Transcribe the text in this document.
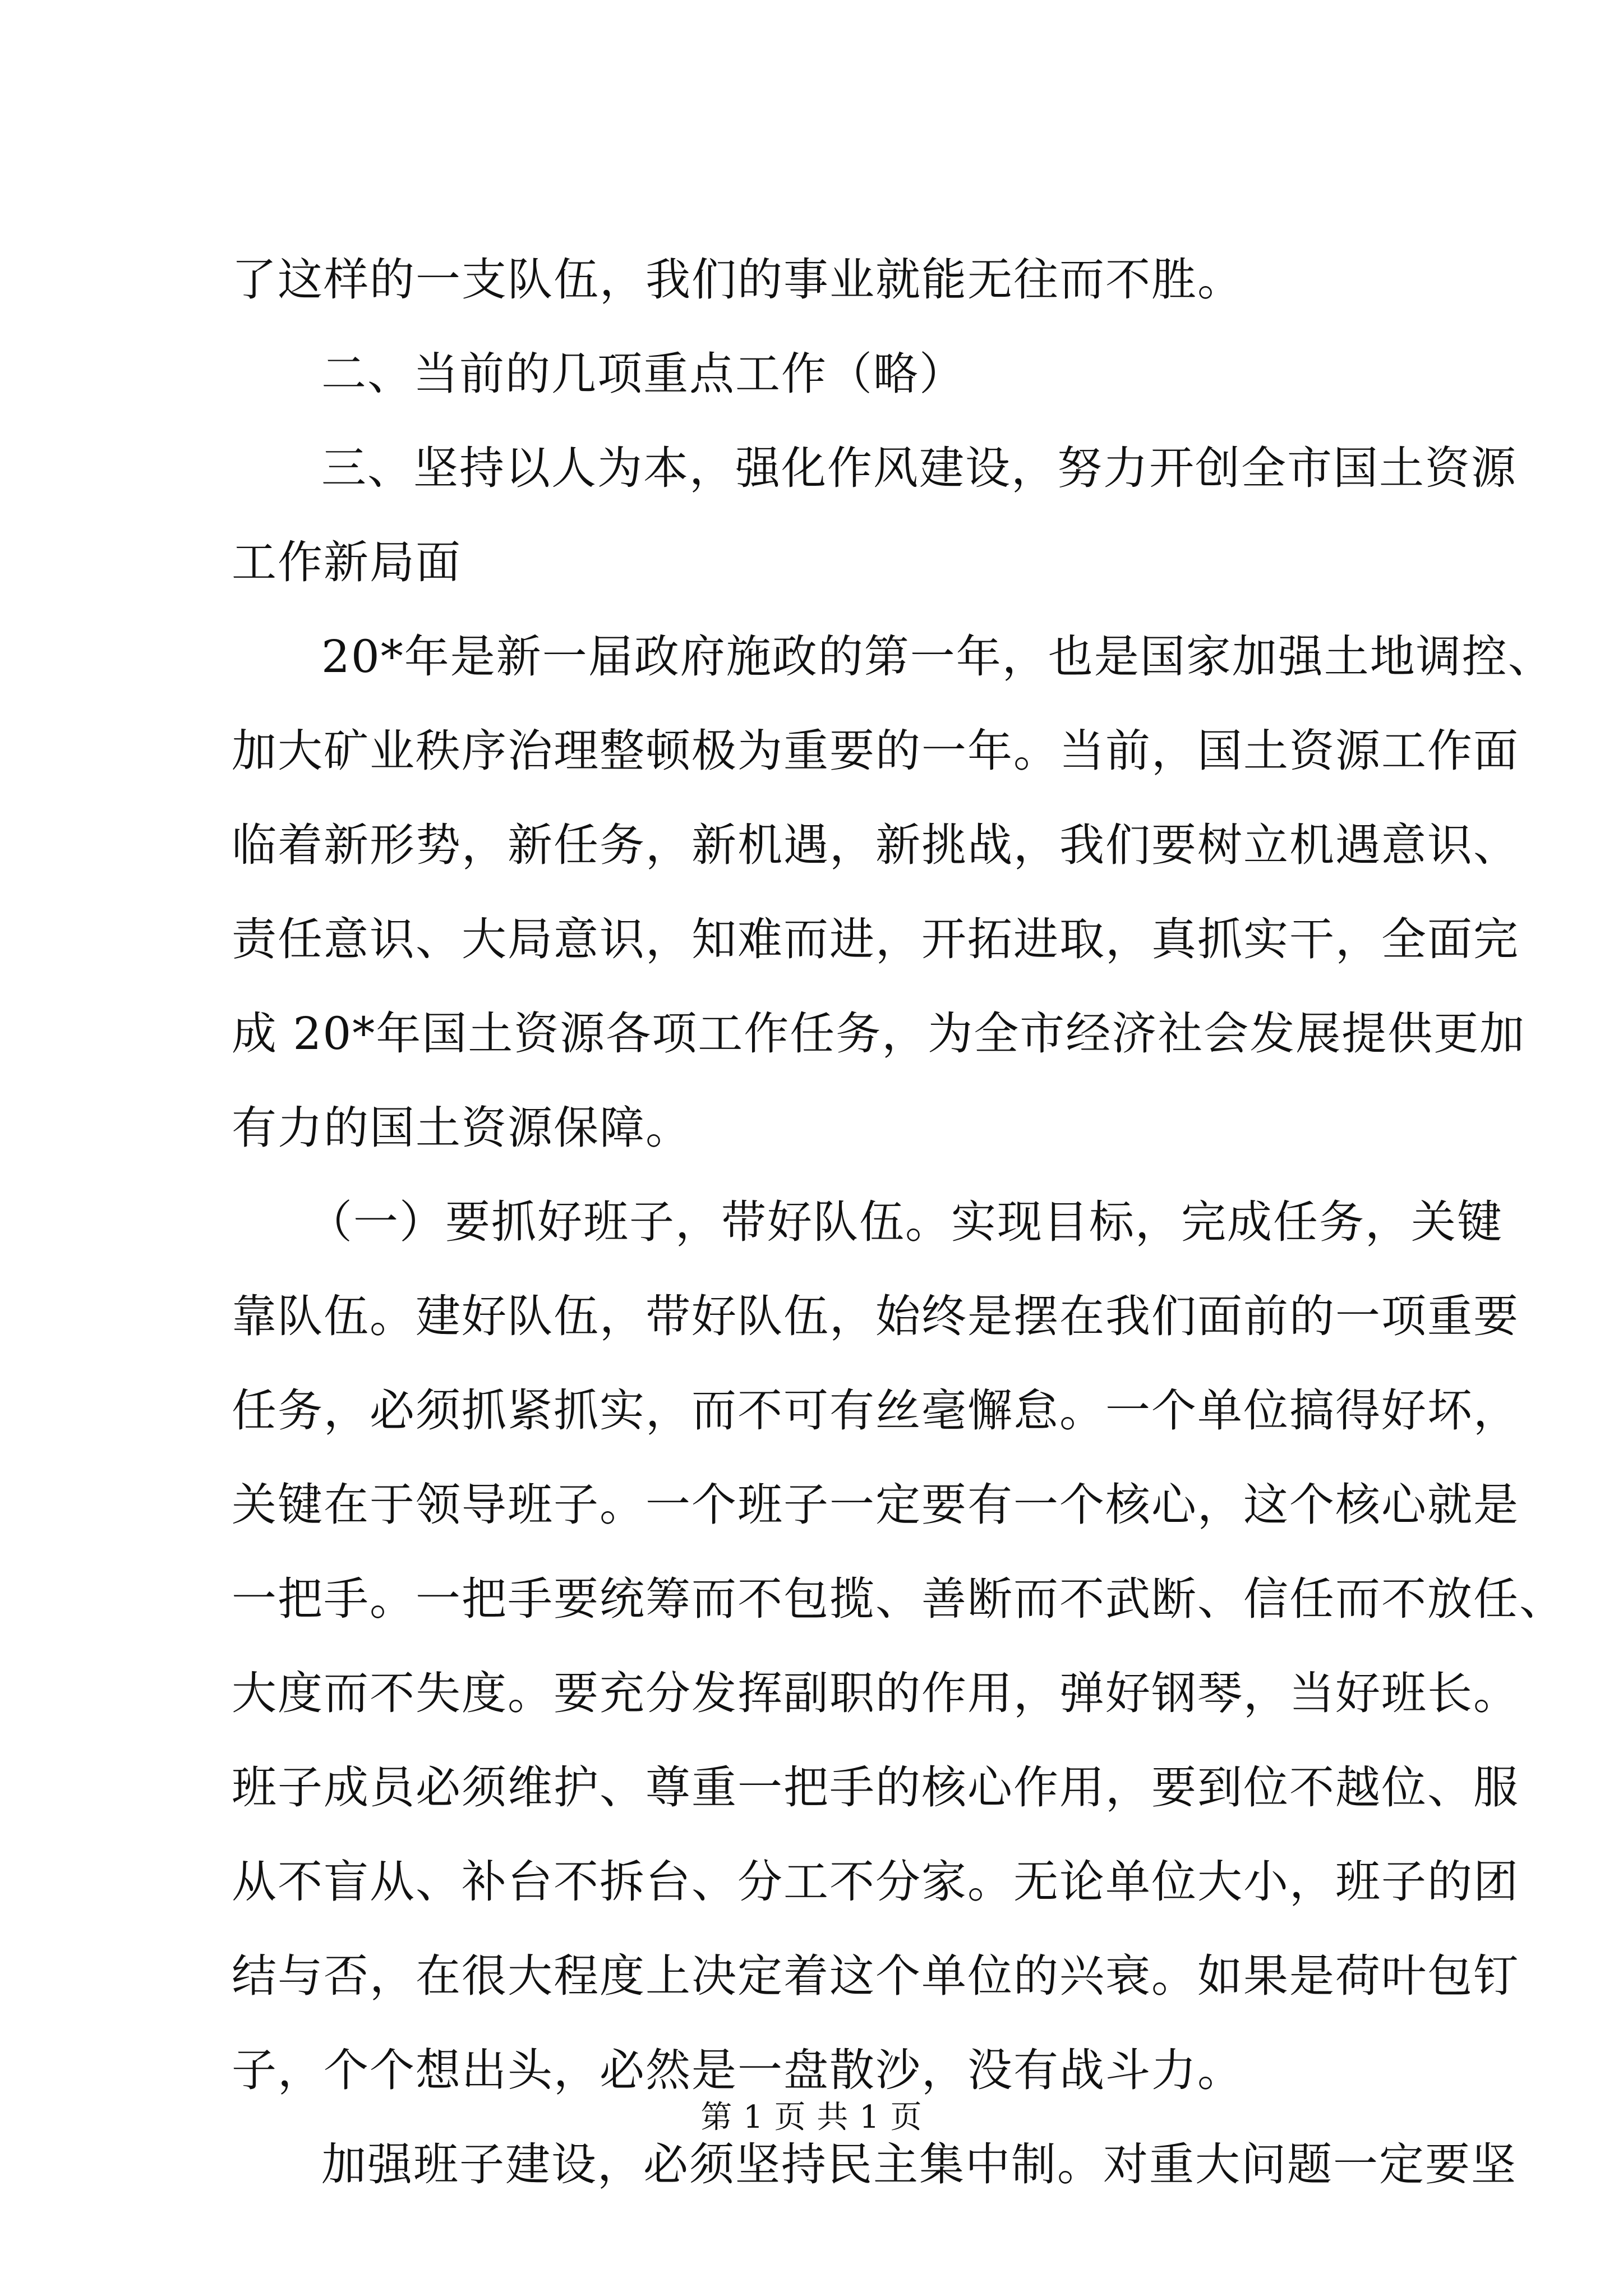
了这样的一支队伍，我们的事业就能无往而不胜。
二、当前的几项重点工作（略）
三、坚持以人为本，强化作风建设，努力开创全市国土资源
工作新局面
20*年是新一届政府施政的第一年，也是国家加强土地调控、
加大矿业秩序治理整顿极为重要的一年。当前，国土资源工作面
临着新形势，新任务，新机遇，新挑战，我们要树立机遇意识、
责任意识、大局意识，知难而进，开拓进取，真抓实干，全面完
成 20*年国土资源各项工作任务，为全市经济社会发展提供更加
有力的国土资源保障。
（一）要抓好班子，带好队伍。实现目标，完成任务，关键
靠队伍。建好队伍，带好队伍，始终是摆在我们面前的一项重要
任务，必须抓紧抓实，而不可有丝毫懈怠。一个单位搞得好坏，
关键在于领导班子。一个班子一定要有一个核心，这个核心就是
一把手。一把手要统筹而不包揽、善断而不武断、信任而不放任、
大度而不失度。要充分发挥副职的作用，弹好钢琴，当好班长。
班子成员必须维护、尊重一把手的核心作用，要到位不越位、服
从不盲从、补台不拆台、分工不分家。无论单位大小，班子的团
结与否，在很大程度上决定着这个单位的兴衰。如果是荷叶包钉
子，个个想出头，必然是一盘散沙，没有战斗力。
加强班子建设，必须坚持民主集中制。对重大问题一定要坚
第 1 页 共 1 页
